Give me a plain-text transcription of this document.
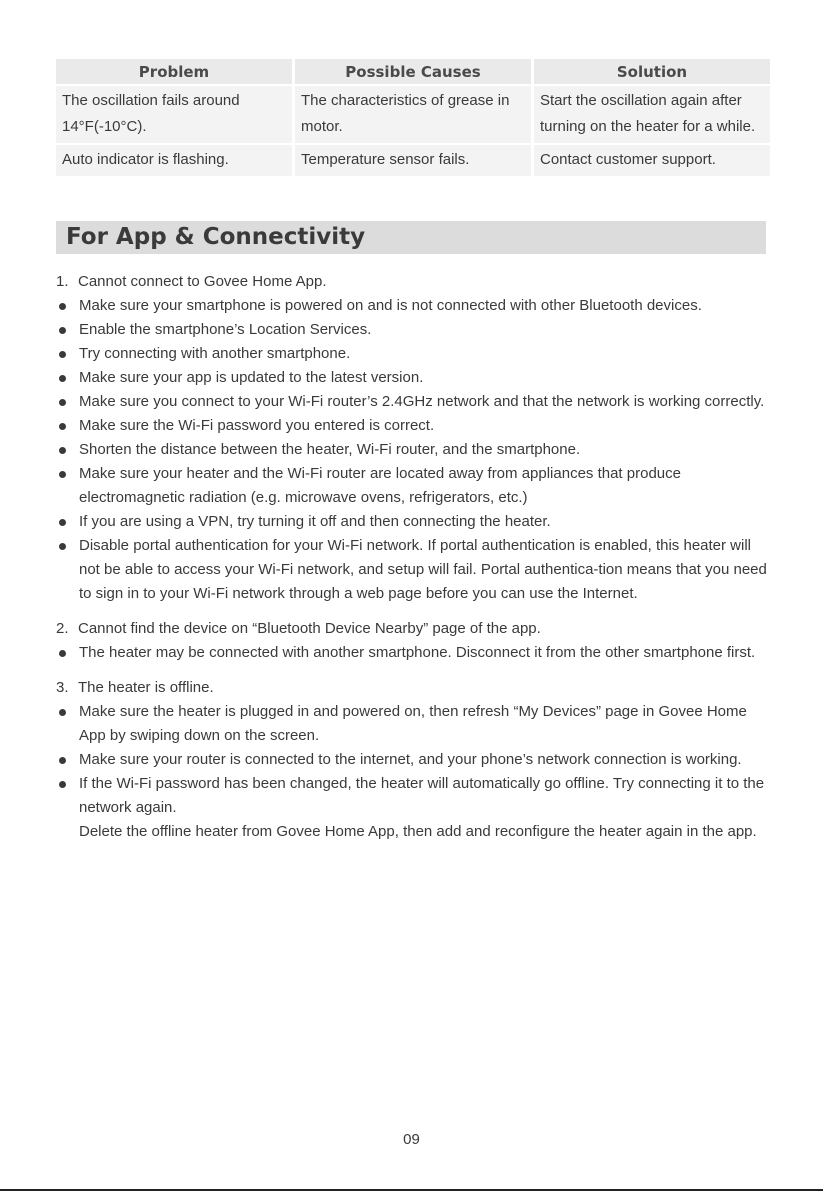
Problem	Possible Causes	Solution
The oscillation fails around 14°F(-10°C).	The characteristics of grease in motor.	Start the oscillation again after turning on the heater for a while.
Auto indicator is flashing.	Temperature sensor fails.	Contact customer support.
For App & Connectivity
1. Cannot connect to Govee Home App.
Make sure your smartphone is powered on and is not connected with other Bluetooth devices.
Enable the smartphone’s Location Services.
Try connecting with another smartphone.
Make sure your app is updated to the latest version.
Make sure you connect to your Wi-Fi router’s 2.4GHz network and that the network is working correctly.
Make sure the Wi-Fi password you entered is correct.
Shorten the distance between the heater, Wi-Fi router, and the smartphone.
Make sure your heater and the Wi-Fi router are located away from appliances that produce electromagnetic radiation (e.g. microwave ovens, refrigerators, etc.)
If you are using a VPN, try turning it off and then connecting the heater.
Disable portal authentication for your Wi-Fi network. If portal authentication is enabled, this heater will not be able to access your Wi-Fi network, and setup will fail. Portal authentica-tion means that you need to sign in to your Wi-Fi network through a web page before you can use the Internet.
2. Cannot find the device on “Bluetooth Device Nearby” page of the app.
The heater may be connected with another smartphone. Disconnect it from the other smartphone first.
3. The heater is offline.
Make sure the heater is plugged in and powered on, then refresh “My Devices” page in Govee Home App by swiping down on the screen.
Make sure your router is connected to the internet, and your phone’s network connection is working.
If the Wi-Fi password has been changed, the heater will automatically go offline. Try connecting it to the network again.
Delete the offline heater from Govee Home App, then add and reconfigure the heater again in the app.
09
